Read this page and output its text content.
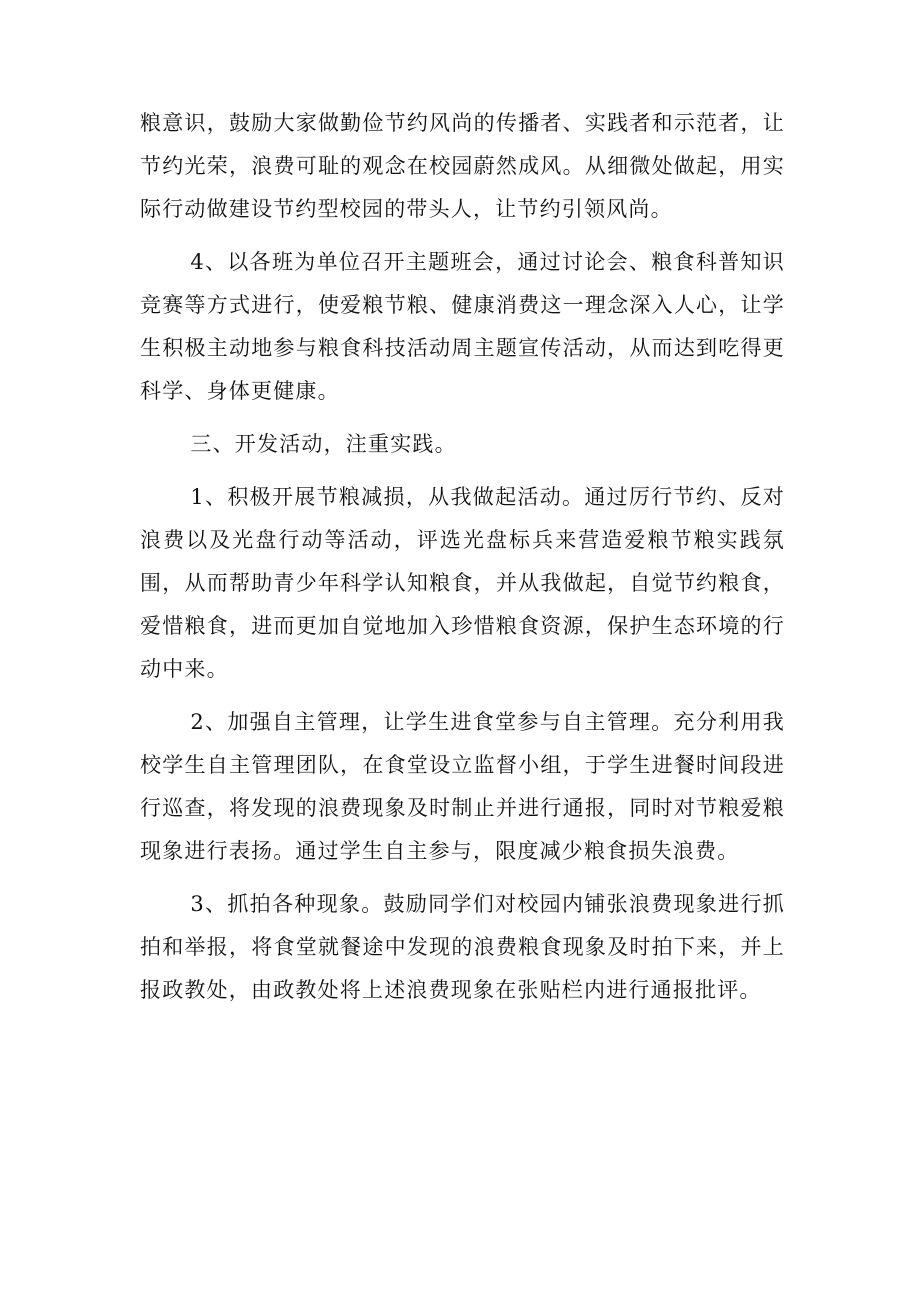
粮意识，鼓励大家做勤俭节约风尚的传播者、实践者和示范者，让节约光荣，浪费可耻的观念在校园蔚然成风。从细微处做起，用实际行动做建设节约型校园的带头人，让节约引领风尚。

4、以各班为单位召开主题班会，通过讨论会、粮食科普知识竞赛等方式进行，使爱粮节粮、健康消费这一理念深入人心，让学生积极主动地参与粮食科技活动周主题宣传活动，从而达到吃得更科学、身体更健康。

三、开发活动，注重实践。

1、积极开展节粮减损，从我做起活动。通过厉行节约、反对浪费以及光盘行动等活动，评选光盘标兵来营造爱粮节粮实践氛围，从而帮助青少年科学认知粮食，并从我做起，自觉节约粮食，爱惜粮食，进而更加自觉地加入珍惜粮食资源，保护生态环境的行动中来。

2、加强自主管理，让学生进食堂参与自主管理。充分利用我校学生自主管理团队，在食堂设立监督小组，于学生进餐时间段进行巡查，将发现的浪费现象及时制止并进行通报，同时对节粮爱粮现象进行表扬。通过学生自主参与，限度减少粮食损失浪费。

3、抓拍各种现象。鼓励同学们对校园内铺张浪费现象进行抓拍和举报，将食堂就餐途中发现的浪费粮食现象及时拍下来，并上报政教处，由政教处将上述浪费现象在张贴栏内进行通报批评。
